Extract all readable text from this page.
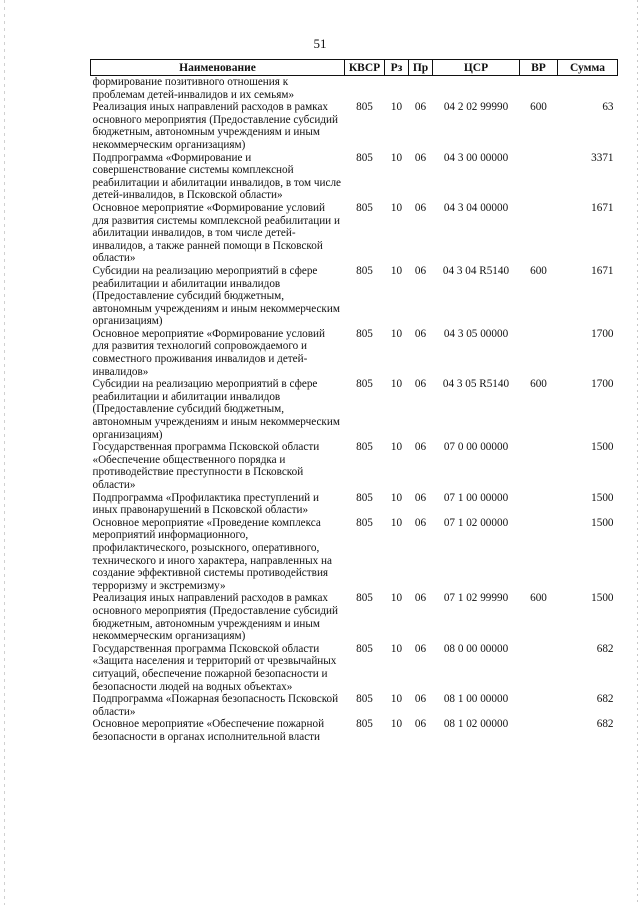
51
Наименование	КВСР	Рз	Пр	ЦСР	ВР	Сумма
формирование позитивного отношения к проблемам детей-инвалидов и их семьям»						
Реализация иных направлений расходов в рамках основного мероприятия (Предоставление субсидий бюджетным, автономным учреждениям и иным некоммерческим организациям)	805	10	06	04 2 02 99990	600	63
Подпрограмма «Формирование и совершенствование системы комплексной реабилитации и абилитации инвалидов, в том числе детей-инвалидов, в Псковской области»	805	10	06	04 3 00 00000		3371
Основное мероприятие «Формирование условий для развития системы комплексной реабилитации и абилитации инвалидов, в том числе детей-инвалидов, а также ранней помощи в Псковской области»	805	10	06	04 3 04 00000		1671
Субсидии на реализацию мероприятий в сфере реабилитации и абилитации инвалидов (Предоставление субсидий бюджетным, автономным учреждениям и иным некоммерческим организациям)	805	10	06	04 3 04 R5140	600	1671
Основное мероприятие «Формирование условий для развития технологий сопровождаемого и совместного проживания инвалидов и детей-инвалидов»	805	10	06	04 3 05 00000		1700
Субсидии на реализацию мероприятий в сфере реабилитации и абилитации инвалидов (Предоставление субсидий бюджетным, автономным учреждениям и иным некоммерческим организациям)	805	10	06	04 3 05 R5140	600	1700
Государственная программа Псковской области «Обеспечение общественного порядка и противодействие преступности в Псковской области»	805	10	06	07 0 00 00000		1500
Подпрограмма «Профилактика преступлений и иных правонарушений в Псковской области»	805	10	06	07 1 00 00000		1500
Основное мероприятие «Проведение комплекса мероприятий информационного, профилактического, розыскного, оперативного, технического и иного характера, направленных на создание эффективной системы противодействия терроризму и экстремизму»	805	10	06	07 1 02 00000		1500
Реализация иных направлений расходов в рамках основного мероприятия (Предоставление субсидий бюджетным, автономным учреждениям и иным некоммерческим организациям)	805	10	06	07 1 02 99990	600	1500
Государственная программа Псковской области «Защита населения и территорий от чрезвычайных ситуаций, обеспечение пожарной безопасности и безопасности людей на водных объектах»	805	10	06	08 0 00 00000		682
Подпрограмма «Пожарная безопасность Псковской области»	805	10	06	08 1 00 00000		682
Основное мероприятие «Обеспечение пожарной безопасности в органах исполнительной власти	805	10	06	08 1 02 00000		682
